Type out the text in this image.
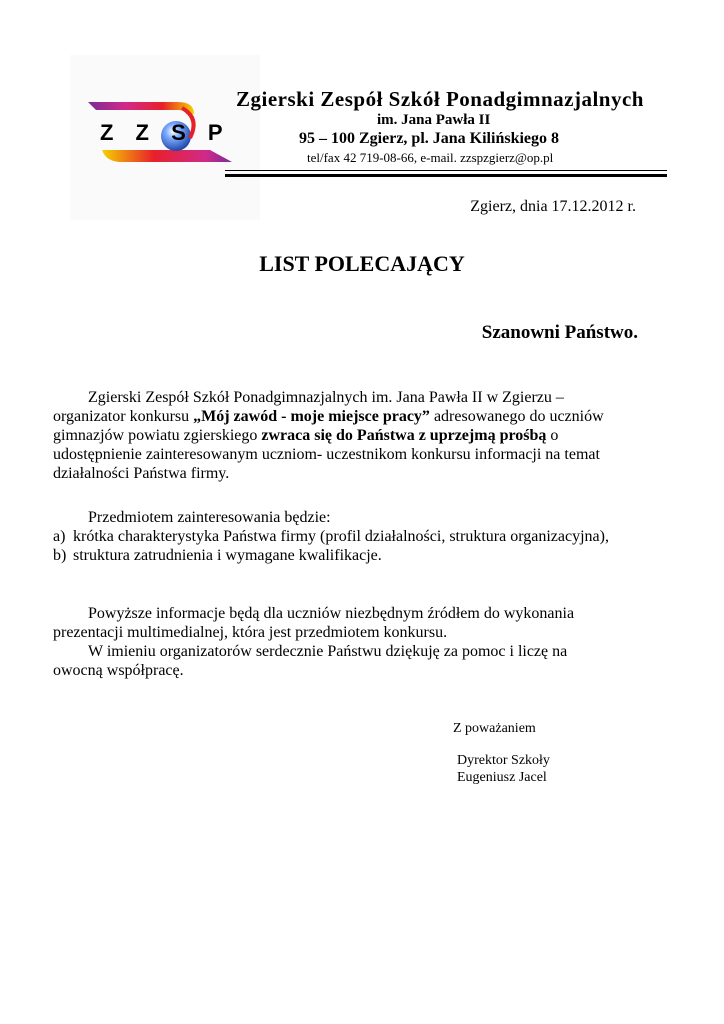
Z Z S P
Zgierski Zespół Szkół Ponadgimnazjalnych
im. Jana Pawła II
95 – 100 Zgierz, pl. Jana Kilińskiego 8
tel/fax 42 719-08-66, e-mail. zzspzgierz@op.pl
Zgierz, dnia 17.12.2012 r.
LIST POLECAJĄCY
Szanowni Państwo.
Zgierski Zespół Szkół Ponadgimnazjalnych im. Jana Pawła II w Zgierzu – organizator konkursu „Mój zawód - moje miejsce pracy” adresowanego do uczniów gimnazjów powiatu zgierskiego zwraca się do Państwa z uprzejmą prośbą o udostępnienie zainteresowanym uczniom- uczestnikom konkursu informacji na temat działalności Państwa firmy.
Przedmiotem zainteresowania będzie:
a) krótka charakterystyka Państwa firmy (profil działalności, struktura organizacyjna),
b) struktura zatrudnienia i wymagane kwalifikacje.
Powyższe informacje będą dla uczniów niezbędnym źródłem do wykonania prezentacji multimedialnej, która jest przedmiotem konkursu.
W imieniu organizatorów serdecznie Państwu dziękuję za pomoc i liczę na owocną współpracę.
Z poważaniem
Dyrektor Szkoły
Eugeniusz Jacel
